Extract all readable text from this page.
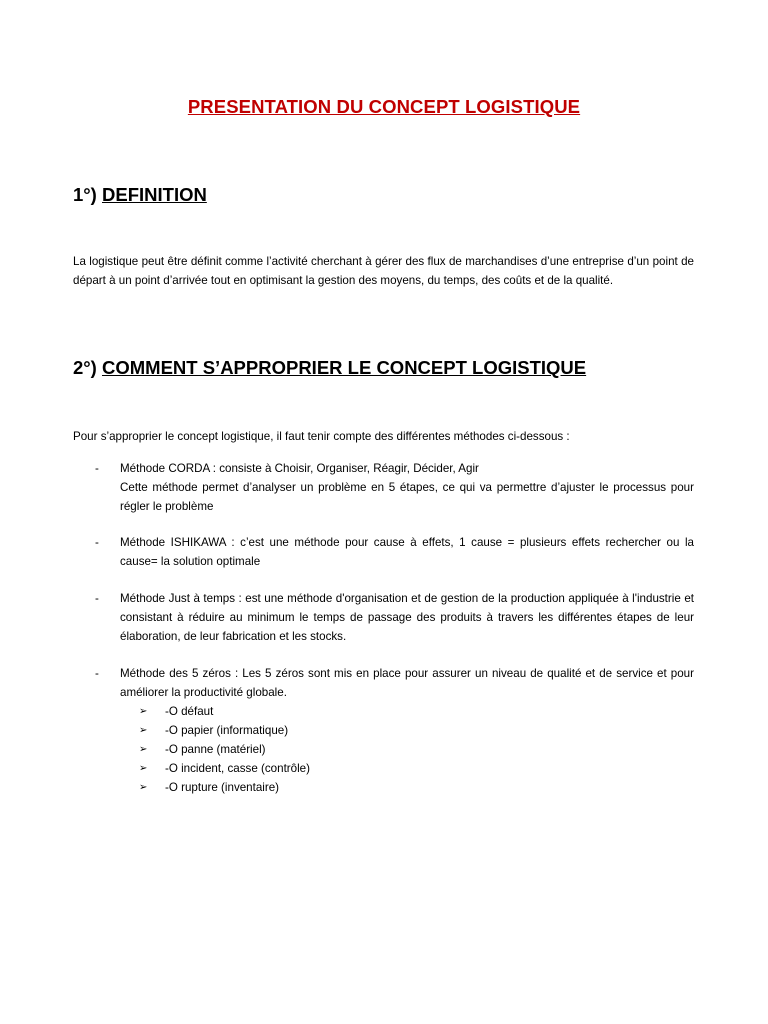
PRESENTATION DU CONCEPT LOGISTIQUE
1°) DEFINITION
La logistique peut être définit comme l’activité cherchant à gérer des flux de marchandises d’une entreprise d’un point de départ à un point d’arrivée tout en optimisant la gestion des moyens, du temps, des coûts et de la qualité.
2°) COMMENT S’APPROPRIER LE CONCEPT LOGISTIQUE
Pour s’approprier le concept logistique, il faut tenir compte des différentes méthodes ci-dessous :
- Méthode CORDA : consiste à Choisir, Organiser, Réagir, Décider, Agir
Cette méthode permet d’analyser un problème en 5 étapes, ce qui va permettre d’ajuster le processus pour régler le problème
- Méthode ISHIKAWA : c’est une méthode pour cause à effets, 1 cause = plusieurs effets rechercher ou la cause= la solution optimale
- Méthode Just à temps : est une méthode d'organisation et de gestion de la production appliquée à l'industrie et consistant à réduire au minimum le temps de passage des produits à travers les différentes étapes de leur élaboration, de leur fabrication et les stocks.
- Méthode des 5 zéros : Les 5 zéros sont mis en place pour assurer un niveau de qualité et de service et pour améliorer la productivité globale.
➢ -O défaut
➢ -O papier (informatique)
➢ -O panne (matériel)
➢ -O incident, casse (contrôle)
➢ -O rupture (inventaire)
